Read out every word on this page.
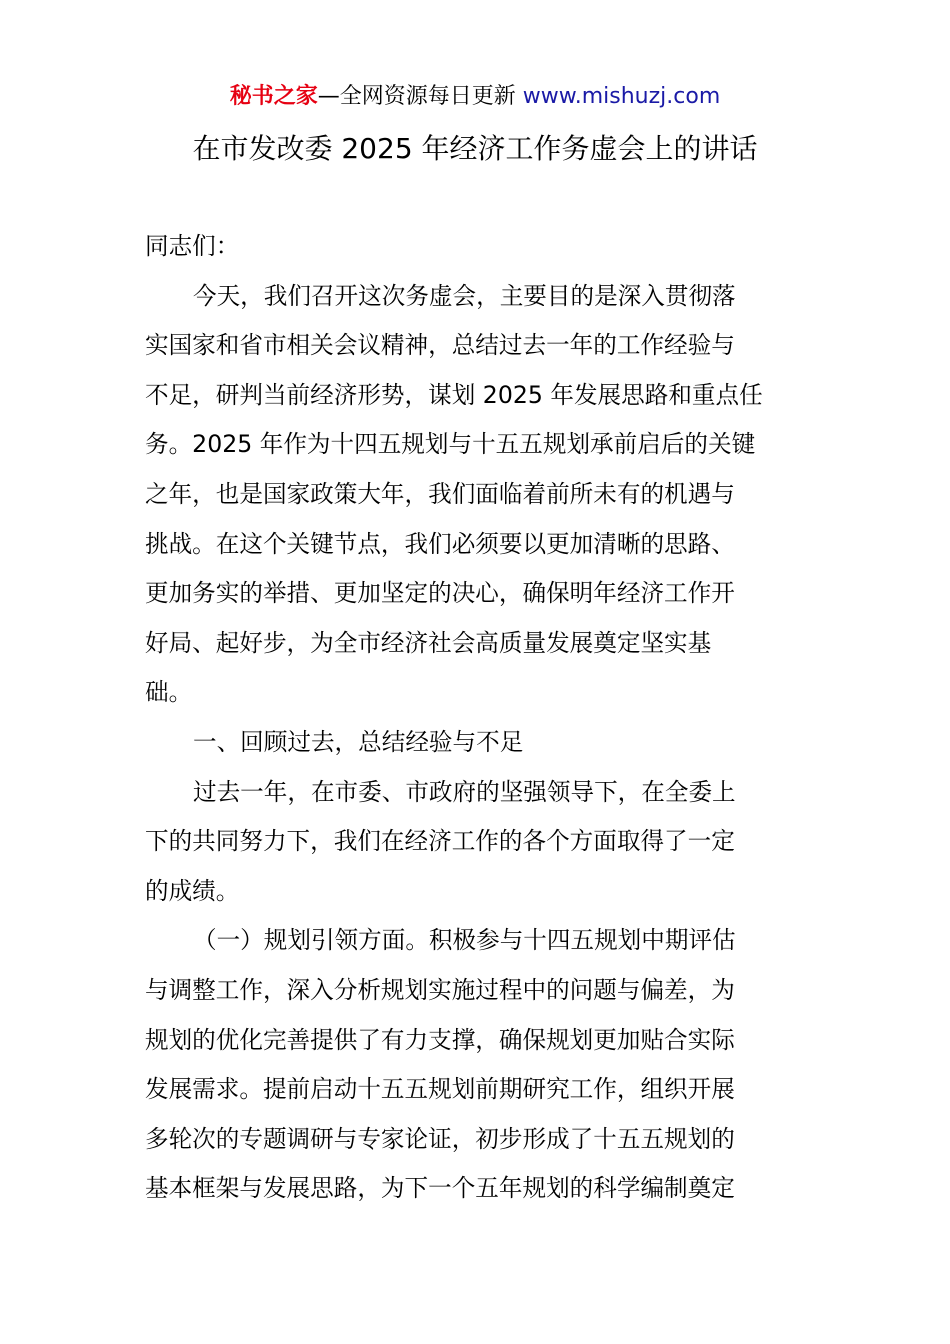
秘书之家—全网资源每日更新 www.mishuzj.com
在市发改委 2025 年经济工作务虚会上的讲话

同志们：

今天，我们召开这次务虚会，主要目的是深入贯彻落

实国家和省市相关会议精神，总结过去一年的工作经验与

不足，研判当前经济形势，谋划 2025 年发展思路和重点任

务。2025 年作为十四五规划与十五五规划承前启后的关键

之年，也是国家政策大年，我们面临着前所未有的机遇与

挑战。在这个关键节点，我们必须要以更加清晰的思路、

更加务实的举措、更加坚定的决心，确保明年经济工作开

好局、起好步，为全市经济社会高质量发展奠定坚实基

础。

一、回顾过去，总结经验与不足

过去一年，在市委、市政府的坚强领导下，在全委上

下的共同努力下，我们在经济工作的各个方面取得了一定

的成绩。

（一）规划引领方面。积极参与十四五规划中期评估

与调整工作，深入分析规划实施过程中的问题与偏差，为

规划的优化完善提供了有力支撑，确保规划更加贴合实际

发展需求。提前启动十五五规划前期研究工作，组织开展

多轮次的专题调研与专家论证，初步形成了十五五规划的

基本框架与发展思路，为下一个五年规划的科学编制奠定
